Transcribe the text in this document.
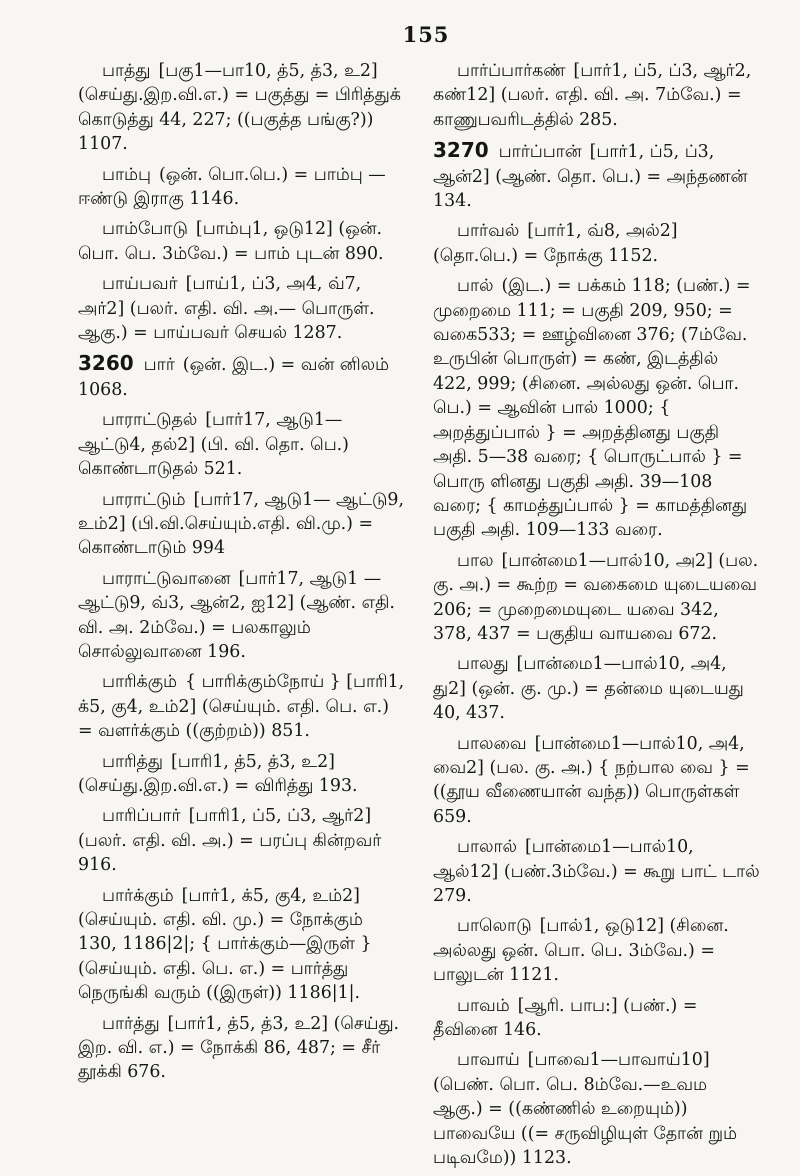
155

பாத்து [பகு1—பா10, த்5, த்3, உ2] (செய்து.இற.வி.எ.) = பகுத்து = பிரித்துக் கொடுத்து 44, 227; ((பகுத்த பங்கு?)) 1107.

பாம்பு (ஒன். பொ.பெ.) = பாம்பு —ஈண்டு இராகு 1146.

பாம்போடு [பாம்பு1, ஒடு12] (ஒன். பொ. பெ. 3ம்வே.) = பாம் புடன் 890.

பாய்பவர் [பாய்1, ப்3, அ4, வ்7, அர்2] (பலர். எதி. வி. அ.— பொருள். ஆகு.) = பாய்பவர் செயல் 1287.

3260 பார் (ஒன். இட.) = வன் னிலம் 1068.

பாராட்டுதல் [பார்17, ஆடு1— ஆட்டு4, தல்2] (பி. வி. தொ. பெ.) கொண்டாடுதல் 521.

பாராட்டும் [பார்17, ஆடு1— ஆட்டு9, உம்2] (பி.வி.செய்யும்.எதி. வி.மு.) = கொண்டாடும் 994

பாராட்டுவானை [பார்17, ஆடு1 —ஆட்டு9, வ்3, ஆன்2, ஐ12] (ஆண். எதி. வி. அ. 2ம்வே.) = பலகாலும் சொல்லுவானை 196.

பாரிக்கும் { பாரிக்கும்நோய் } [பாரி1, க்5, கு4, உம்2] (செய்யும். எதி. பெ. எ.) = வளர்க்கும் ((குற்றம்)) 851.

பாரித்து [பாரி1, த்5, த்3, உ2] (செய்து.இற.வி.எ.) = விரித்து 193.

பாரிப்பார் [பாரி1, ப்5, ப்3, ஆர்2] (பலர். எதி. வி. அ.) = பரப்பு கின்றவர் 916.

பார்க்கும் [பார்1, க்5, கு4, உம்2] (செய்யும். எதி. வி. மு.) = நோக்கும் 130, 1186|2|; { பார்க்கும்—இருள் } (செய்யும். எதி. பெ. எ.) = பார்த்து நெருங்கி வரும் ((இருள்)) 1186|1|.

பார்த்து [பார்1, த்5, த்3, உ2] (செய்து. இற. வி. எ.) = நோக்கி 86, 487; = சீர் தூக்கி 676.

பார்ப்பார்கண் [பார்1, ப்5, ப்3, ஆர்2, கண்12] (பலர். எதி. வி. அ. 7ம்வே.) = காணுபவரிடத்தில் 285.

3270 பார்ப்பான் [பார்1, ப்5, ப்3, ஆன்2] (ஆண். தொ. பெ.) = அந்தணன் 134.

பார்வல் [பார்1, வ்8, அல்2] (தொ.பெ.) = நோக்கு 1152.

பால் (இட.) = பக்கம் 118; (பண்.) = முறைமை 111; = பகுதி 209, 950; = வகை533; = ஊழ்வினை 376; (7ம்வே. உருபின் பொருள்) = கண், இடத்தில் 422, 999; (சினை. அல்லது ஒன். பொ. பெ.) = ஆவின் பால் 1000; { அறத்துப்பால் } = அறத்தினது பகுதி அதி. 5—38 வரை; { பொருட்பால் } = பொரு ளினது பகுதி அதி. 39—108 வரை; { காமத்துப்பால் } = காமத்தினது பகுதி அதி. 109—133 வரை.

பால [பான்மை1—பால்10, அ2] (பல. கு. அ.) = கூற்ற = வகைமை யுடையவை 206; = முறைமையுடை யவை 342, 378, 437 = பகுதிய வாயவை 672.

பாலது [பான்மை1—பால்10, அ4, து2] (ஒன். கு. மு.) = தன்மை யுடையது 40, 437.

பாலவை [பான்மை1—பால்10, அ4, வை2] (பல. கு. அ.) { நற்பால வை } = ((தூய வீணையான் வந்த)) பொருள்கள் 659.

பாலால் [பான்மை1—பால்10, ஆல்12] (பண்.3ம்வே.) = கூறு பாட் டால் 279.

பாலொடு [பால்1, ஒடு12] (சினை. அல்லது ஒன். பொ. பெ. 3ம்வே.) = பாலுடன் 1121.

பாவம் [ஆரி. பாப:] (பண்.) = தீவினை 146.

பாவாய் [பாவை1—பாவாய்10] (பெண். பொ. பெ. 8ம்வே.—உவம ஆகு.) = ((கண்ணில் உறையும்)) பாவையே ((= சருவிழியுள் தோன் றும் படிவமே)) 1123.
